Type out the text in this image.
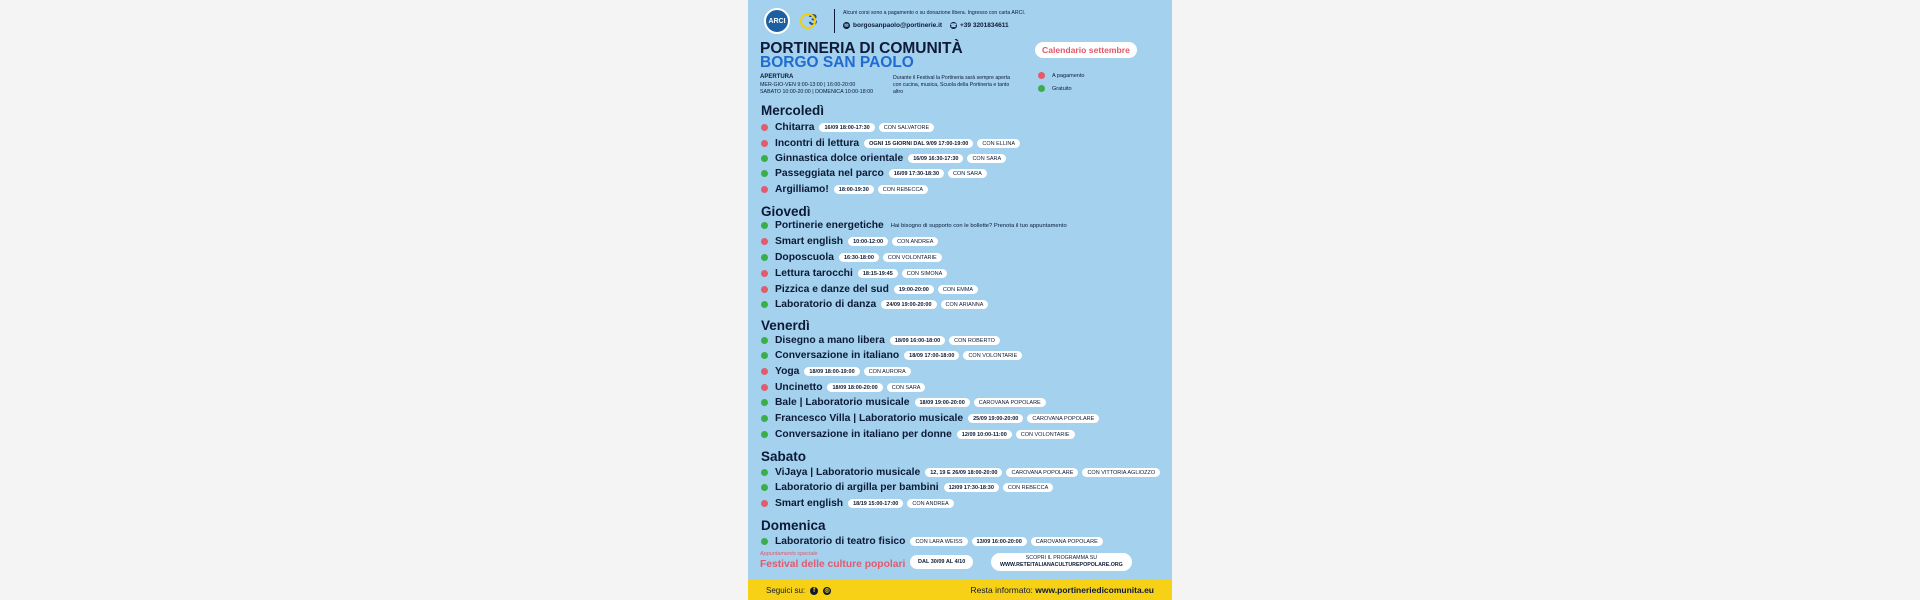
ARCI 3	Alcuni corsi sono a pagamento o su donazione libera. Ingresso con carta ARCI.
✉ borgosanpaolo@portinerie.it ☎ +39 3201834611
PORTINERIA DI COMUNITÀ
BORGO SAN PAOLO
Calendario settembre
APERTURA
MER-GIO-VEN 9:00-13:00 | 16:00-20:00
SABATO 10:00-20:00 | DOMENICA 10:00-18:00
Durante il Festival la Portineria sarà sempre aperta con cucina, musica, Scuola della Portineria e tanto altro
A pagamento
Gratuito
Appuntamento speciale
Festival delle culture popolari	DAL 30/09 AL 4/10
SCOPRI IL PROGRAMMA SU
WWW.RETEITALIANACULTUREPOPOLARE.ORG
Seguici su:	f	◎	Resta informato: www.portineriedicomunita.eu
Mercoledì
Chitarra	16/09 18:00-17:30	CON SALVATORE
Incontri di lettura	OGNI 15 GIORNI DAL 9/09 17:00-19:00	CON ELLINA
Ginnastica dolce orientale	16/09 16:30-17:30	CON SARA
Passeggiata nel parco	16/09 17:30-18:30	CON SARA
Argilliamo!	18:00-19:30	CON REBECCA
Giovedì
Portinerie energetiche Hai bisogno di supporto con le bollette? Prenota il tuo appuntamento
Smart english	10:00-12:00	CON ANDREA
Doposcuola	16:30-18:00	CON VOLONTARIE
Lettura tarocchi	18:15-19:45	CON SIMONA
Pizzica e danze del sud	19:00-20:00	CON EMMA
Laboratorio di danza	24/09 19:00-20:00	CON ARIANNA
Venerdì
Disegno a mano libera	18/09 16:00-18:00	CON ROBERTO
Conversazione in italiano	18/09 17:00-18:00	CON VOLONTARIE
Yoga	18/09 18:00-19:00	CON AURORA
Uncinetto	18/09 18:00-20:00	CON SARA
Bale | Laboratorio musicale	18/09 19:00-20:00	CAROVANA POPOLARE
Francesco Villa | Laboratorio musicale	25/09 19:00-20:00	CAROVANA POPOLARE
Conversazione in italiano per donne	12/09 10:00-11:00	CON VOLONTARIE
Sabato
ViJaya | Laboratorio musicale	12, 19 E 26/09 18:00-20:00	CAROVANA POPOLARE	CON VITTORIA AGLIOZZO
Laboratorio di argilla per bambini	12/09 17:30-18:30	CON REBECCA
Smart english	18/19 15:00-17:00	CON ANDREA
Domenica
Laboratorio di teatro fisico	CON LARA WEISS	13/09 16:00-20:00	CAROVANA POPOLARE
